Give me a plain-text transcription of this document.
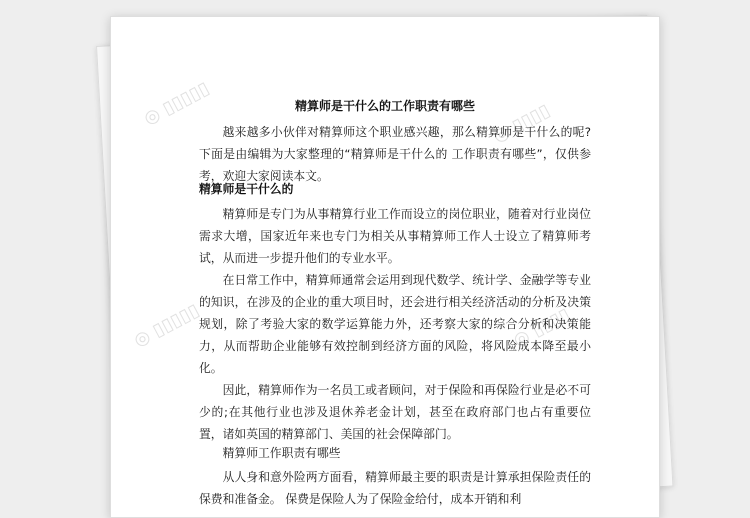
◎ ▯▯▯▯▯
◎ ▯▯▯▯▯
◎ ▯▯▯▯
◎ ▯▯▯▯
精算师是干什么的工作职责有哪些
越来越多小伙伴对精算师这个职业感兴趣，那么精算师是干什么的呢?下面是由编辑为大家整理的“精算师是干什么的 工作职责有哪些”，仅供参考，欢迎大家阅读本文。
精算师是干什么的
精算师是专门为从事精算行业工作而设立的岗位职业，随着对行业岗位需求大增，国家近年来也专门为相关从事精算师工作人士设立了精算师考试，从而进一步提升他们的专业水平。
在日常工作中，精算师通常会运用到现代数学、统计学、金融学等专业的知识，在涉及的企业的重大项目时，还会进行相关经济活动的分析及决策规划，除了考验大家的数学运算能力外，还考察大家的综合分析和决策能力，从而帮助企业能够有效控制到经济方面的风险，将风险成本降至最小化。
因此，精算师作为一名员工或者顾问，对于保险和再保险行业是必不可少的;在其他行业也涉及退休养老金计划，甚至在政府部门也占有重要位置，诸如英国的精算部门、美国的社会保障部门。
精算师工作职责有哪些
从人身和意外险两方面看，精算师最主要的职责是计算承担保险责任的保费和准备金。 保费是保险人为了保险金给付，成本开销和利
